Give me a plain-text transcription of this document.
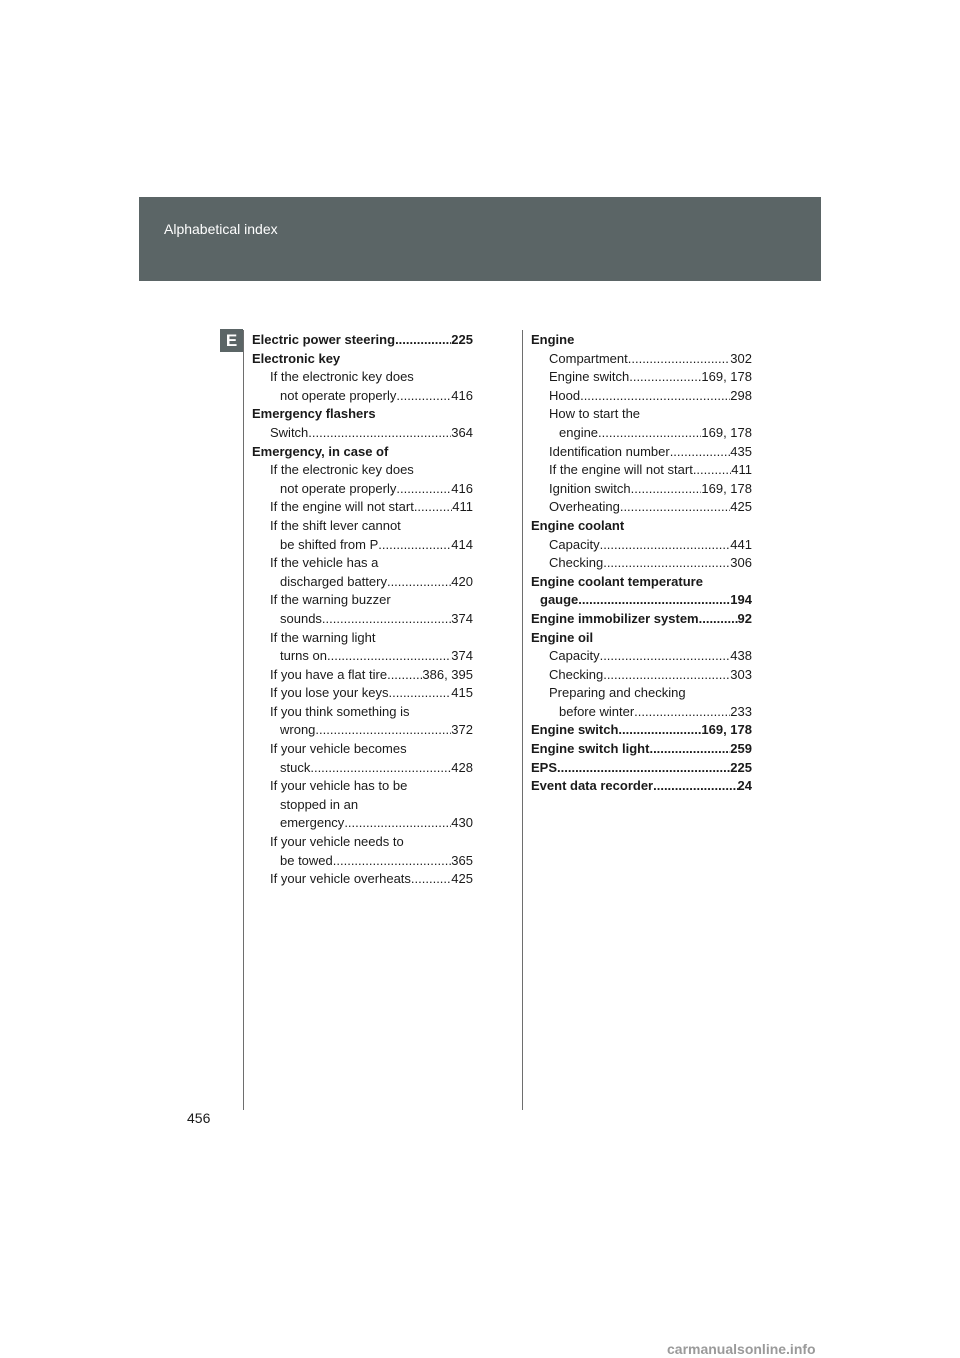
Alphabetical index
E	Electric power steering .....	225
Electronic key
If the electronic key does
not operate properly .....	416
Emergency flashers
Switch .....	364
Emergency, in case of
If the electronic key does
not operate properly .....	416
If the engine will not start .....	411
If the shift lever cannot
be shifted from P .....	414
If the vehicle has a
discharged battery .....	420
If the warning buzzer
sounds .....	374
If the warning light
turns on .....	374
If you have a flat tire .....	386, 395
If you lose your keys .....	415
If you think something is
wrong .....	372
If your vehicle becomes
stuck .....	428
If your vehicle has to be
stopped in an
emergency .....	430
If your vehicle needs to
be towed .....	365
If your vehicle overheats .....	425
Engine
Compartment .....	302
Engine switch .....	169, 178
Hood .....	298
How to start the
engine .....	169, 178
Identification number .....	435
If the engine will not start .....	411
Ignition switch .....	169, 178
Overheating .....	425
Engine coolant
Capacity .....	441
Checking .....	306
Engine coolant temperature
gauge .....	194
Engine immobilizer system .....	92
Engine oil
Capacity .....	438
Checking .....	303
Preparing and checking
before winter .....	233
Engine switch .....	169, 178
Engine switch light .....	259
EPS .....	225
Event data recorder .....	24
456
carmanualsonline.info
